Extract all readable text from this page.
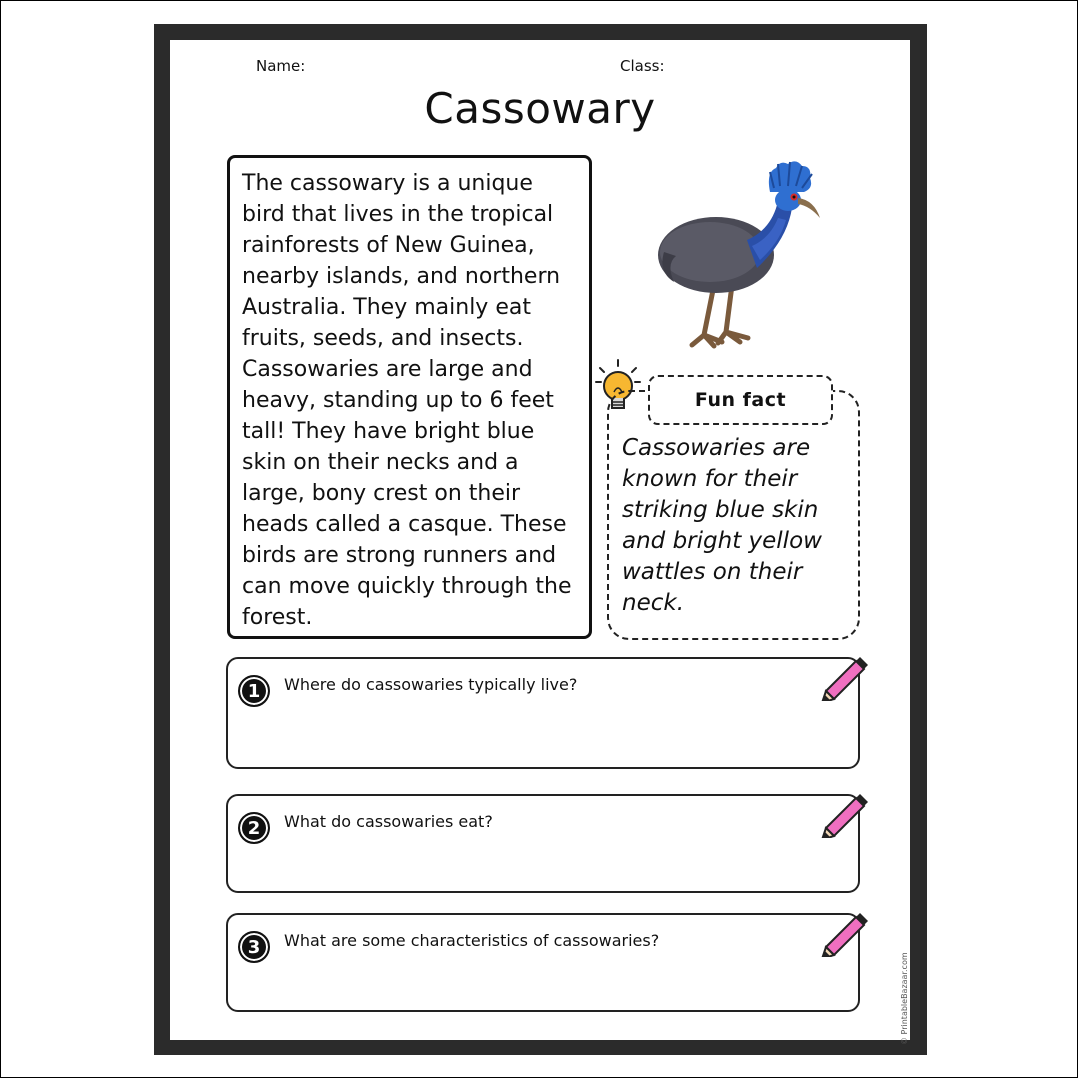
Name:	Class:
Cassowary

The cassowary is a unique bird that lives in the tropical rainforests of New Guinea, nearby islands, and northern Australia. They mainly eat fruits, seeds, and insects. Cassowaries are large and heavy, standing up to 6 feet tall! They have bright blue skin on their necks and a large, bony crest on their heads called a casque. These birds are strong runners and can move quickly through the forest.

Fun fact

Cassowaries are known for their striking blue skin and bright yellow wattles on their neck.

1	Where do cassowaries typically live?
2	What do cassowaries eat?
3	What are some characteristics of cassowaries?
© PrintableBazaar.com
